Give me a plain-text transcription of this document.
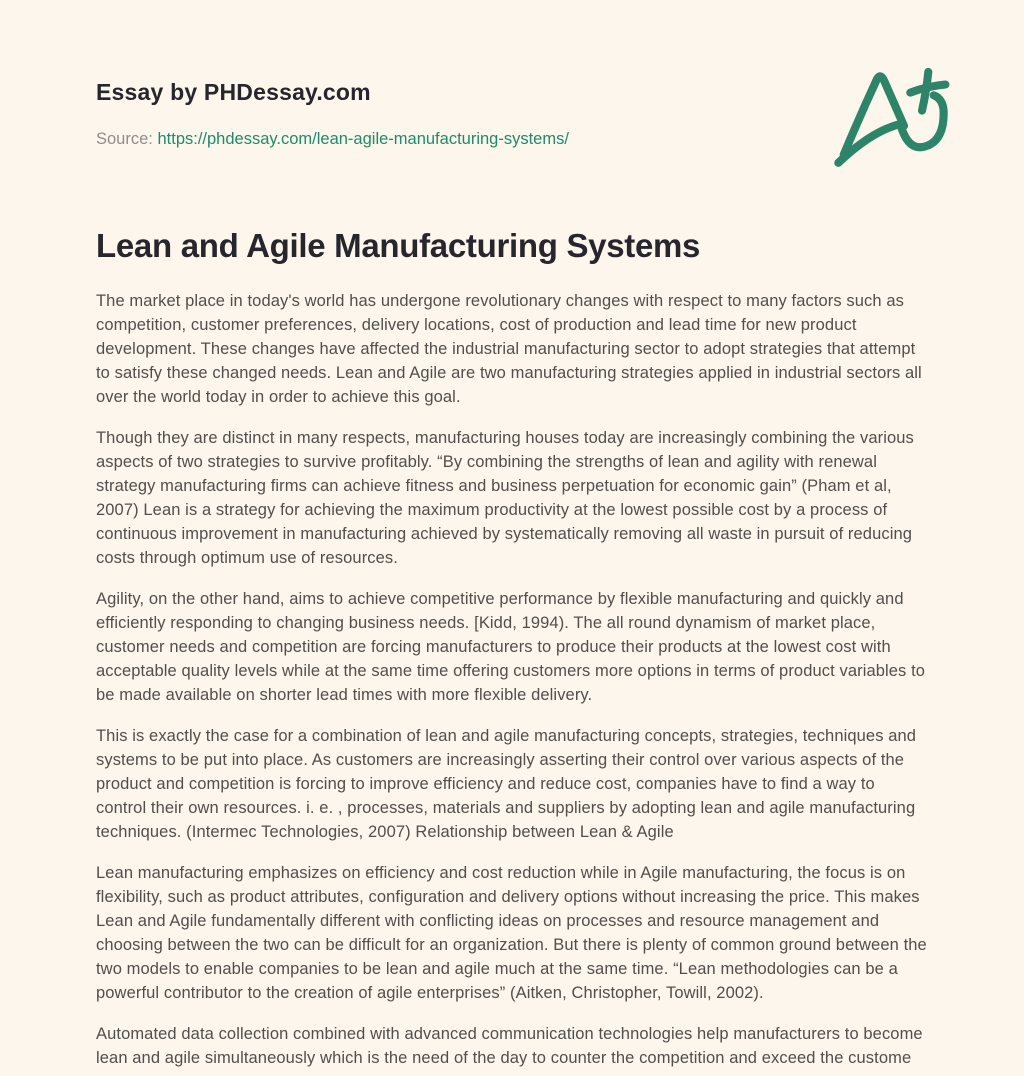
Essay by PHDessay.com
Source: https://phdessay.com/lean-agile-manufacturing-systems/
Lean and Agile Manufacturing Systems

The market place in today's world has undergone revolutionary changes with respect to many factors such as competition, customer preferences, delivery locations, cost of production and lead time for new product development. These changes have affected the industrial manufacturing sector to adopt strategies that attempt to satisfy these changed needs. Lean and Agile are two manufacturing strategies applied in industrial sectors all over the world today in order to achieve this goal.

Though they are distinct in many respects, manufacturing houses today are increasingly combining the various aspects of two strategies to survive profitably. “By combining the strengths of lean and agility with renewal strategy manufacturing firms can achieve fitness and business perpetuation for economic gain” (Pham et al, 2007) Lean is a strategy for achieving the maximum productivity at the lowest possible cost by a process of continuous improvement in manufacturing achieved by systematically removing all waste in pursuit of reducing costs through optimum use of resources.

Agility, on the other hand, aims to achieve competitive performance by flexible manufacturing and quickly and efficiently responding to changing business needs. [Kidd, 1994). The all round dynamism of market place, customer needs and competition are forcing manufacturers to produce their products at the lowest cost with acceptable quality levels while at the same time offering customers more options in terms of product variables to be made available on shorter lead times with more flexible delivery.

This is exactly the case for a combination of lean and agile manufacturing concepts, strategies, techniques and systems to be put into place. As customers are increasingly asserting their control over various aspects of the product and competition is forcing to improve efficiency and reduce cost, companies have to find a way to control their own resources. i. e. , processes, materials and suppliers by adopting lean and agile manufacturing techniques. (Intermec Technologies, 2007) Relationship between Lean & Agile

Lean manufacturing emphasizes on efficiency and cost reduction while in Agile manufacturing, the focus is on flexibility, such as product attributes, configuration and delivery options without increasing the price. This makes Lean and Agile fundamentally different with conflicting ideas on processes and resource management and choosing between the two can be difficult for an organization. But there is plenty of common ground between the two models to enable companies to be lean and agile much at the same time. “Lean methodologies can be a powerful contributor to the creation of agile enterprises” (Aitken, Christopher, Towill, 2002).

Automated data collection combined with advanced communication technologies help manufacturers to become lean and agile simultaneously which is the need of the day to counter the competition and exceed the custome
